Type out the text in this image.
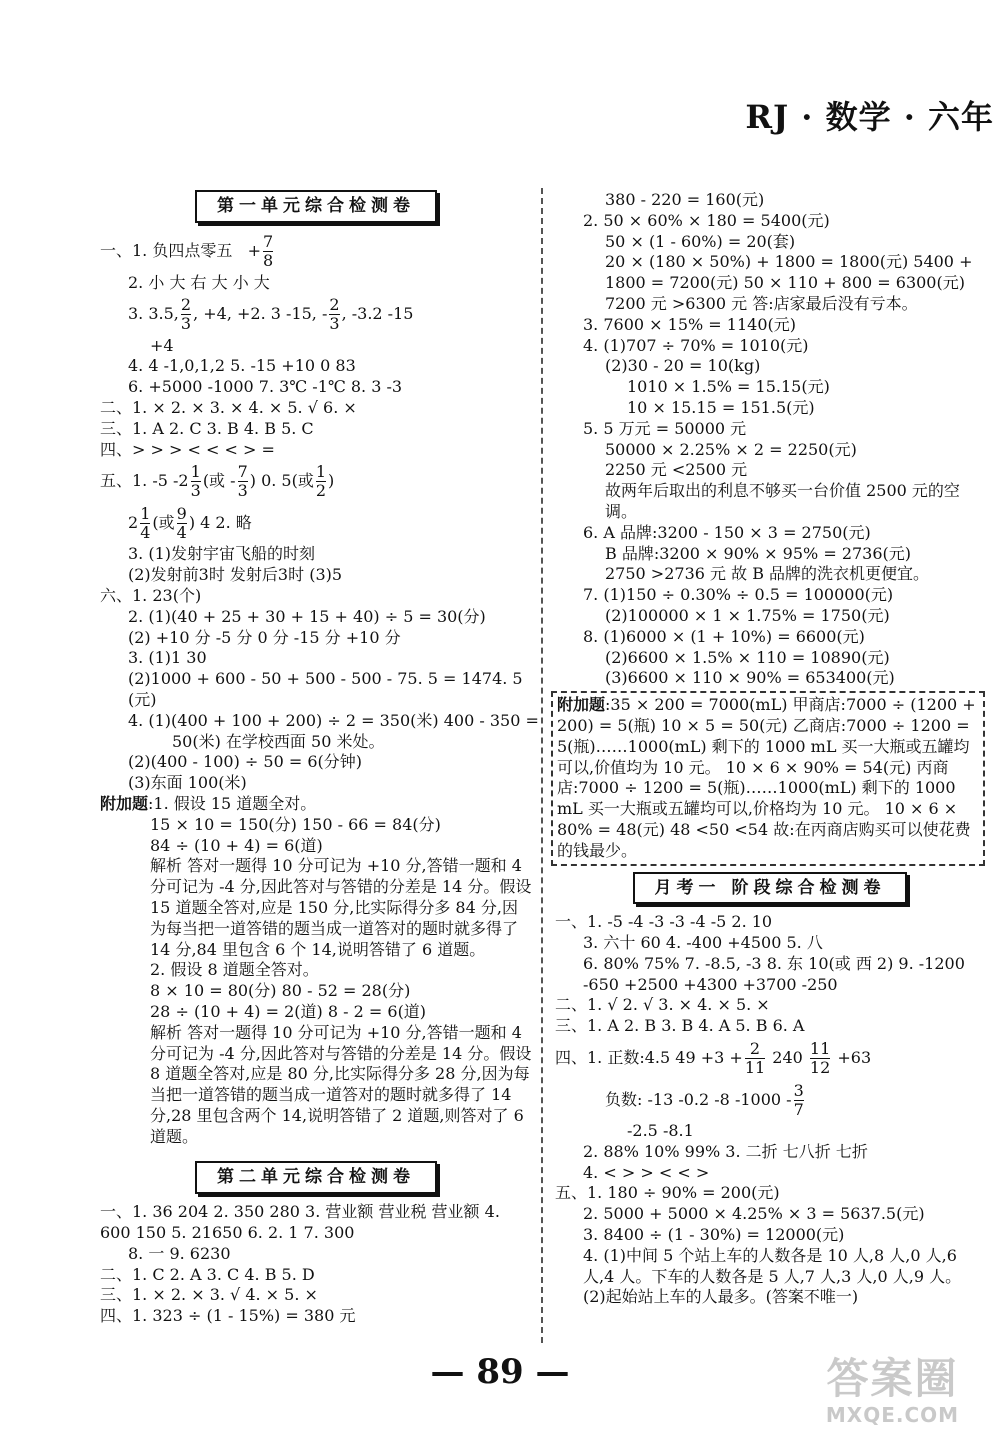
RJ · 数学 · 六年
第一单元综合检测卷
一、1. 负四点零五
+ $\frac{7}{8}$
2. 小 大 右 大 小 大
3. 3.5, $\frac{2}{3}$ , +4, +2. 3 -15, - $\frac{2}{3}$ , -3.2 -15
+4
4. 4 -1,0,1,2 5. -15 +10 0 83
6. +5000 -1000 7. 3℃ -1℃ 8. 3 -3
二、1. × 2. × 3. × 4. × 5. √ 6. ×
三、1. A 2. C 3. B 4. B 5. C
四、> > > < < < > =
五、1. -5 $-2 \frac{1}{3}$ (或 - $\frac{7}{3}$ ) 0. 5(或 $\frac{1}{2}$ )
$2 \frac{1}{4}$ (或 $\frac{9}{4}$ ) 4 2. 略
3. (1)发射宇宙飞船的时刻
(2)发射前3时 发射后3时 (3)5
六、1. 23(个)
2. (1)(40 + 25 + 30 + 15 + 40) ÷ 5 = 30(分)
(2) +10 分 -5 分 0 分 -15 分 +10 分
3. (1)1 30
(2)1000 + 600 - 50 + 500 - 500 - 75. 5 = 1474. 5
(元)
4. (1)(400 + 100 + 200) ÷ 2 = 350(米) 400 - 350 =
50(米) 在学校西面 50 米处。
(2)(400 - 100) ÷ 50 = 6(分钟)
(3)东面 100(米)
附加题:1. 假设 15 道题全对。
15 × 10 = 150(分) 150 - 66 = 84(分)
84 ÷ (10 + 4) = 6(道)
解析 答对一题得 10 分可记为 +10 分,答错一题和 4 分可记为 -4 分,因此答对与答错的分差是 14 分。假设 15 道题全答对,应是 150 分,比实际得分多 84 分,因为每当把一道答错的题当成一道答对的题时就多得了 14 分,84 里包含 6 个 14,说明答错了 6 道题。
2. 假设 8 道题全答对。
8 × 10 = 80(分) 80 - 52 = 28(分)
28 ÷ (10 + 4) = 2(道) 8 - 2 = 6(道)
解析 答对一题得 10 分可记为 +10 分,答错一题和 4 分可记为 -4 分,因此答对与答错的分差是 14 分。假设 8 道题全答对,应是 80 分,比实际得分多 28 分,因为每当把一道答错的题当成一道答对的题时就多得了 14 分,28 里包含两个 14,说明答错了 2 道题,则答对了 6 道题。
第二单元综合检测卷
一、1. 36 204 2. 350 280 3. 营业额 营业税 营业额 4. 600 150 5. 21650 6. 2. 1 7. 300
8. 一 9. 6230
二、1. C 2. A 3. C 4. B 5. D
三、1. × 2. × 3. √ 4. × 5. ×
四、1. 323 ÷ (1 - 15%) = 380 元
380 - 220 = 160(元)
2. 50 × 60% × 180 = 5400(元)
50 × (1 - 60%) = 20(套)
20 × (180 × 50%) + 1800 = 1800(元) 5400 + 1800 = 7200(元) 50 × 110 + 800 = 6300(元) 7200 元 >6300 元 答:店家最后没有亏本。
3. 7600 × 15% = 1140(元)
4. (1)707 ÷ 70% = 1010(元)
(2)30 - 20 = 10(kg)
1010 × 1.5% = 15.15(元)
10 × 15.15 = 151.5(元)
5. 5 万元 = 50000 元
50000 × 2.25% × 2 = 2250(元)
2250 元 <2500 元
故两年后取出的利息不够买一台价值 2500 元的空调。
6. A 品牌:3200 - 150 × 3 = 2750(元)
B 品牌:3200 × 90% × 95% = 2736(元)
2750 >2736 元 故 B 品牌的洗衣机更便宜。
7. (1)150 ÷ 0.30% ÷ 0.5 = 100000(元)
(2)100000 × 1 × 1.75% = 1750(元)
8. (1)6000 × (1 + 10%) = 6600(元)
(2)6600 × 1.5% × 110 = 10890(元)
(3)6600 × 110 × 90% = 653400(元)
附加题:35 × 200 = 7000(mL) 甲商店:7000 ÷ (1200 + 200) = 5(瓶) 10 × 5 = 50(元) 乙商店:7000 ÷ 1200 = 5(瓶)……1000(mL) 剩下的 1000 mL 买一大瓶或五罐均可以,价值均为 10 元。 10 × 6 × 90% = 54(元) 丙商店:7000 ÷ 1200 = 5(瓶)……1000(mL) 剩下的 1000 mL 买一大瓶或五罐均可以,价格均为 10 元。 10 × 6 × 80% = 48(元) 48 <50 <54 故:在丙商店购买可以使花费的钱最少。
月考一 阶段综合检测卷
一、1. -5 -4 -3 -3 -4 -5 2. 10
3. 六十 60 4. -400 +4500 5. 八
6. 80% 75% 7. -8.5, -3 8. 东 10(或 西 2) 9. -1200 -650 +2500 +4300 +3700 -250
二、1. √ 2. √ 3. × 4. × 5. ×
三、1. A 2. B 3. B 4. A 5. B 6. A
四、1. 正数:4.5 $49 +3 + \frac{2}{11}$
240
$\frac{11}{12}$
+63
负数: -13 -0.2 -8 $-1000 - \frac{3}{7}$
-2.5 -8.1
2. 88% 10% 99% 3. 二折 七八折 七折
4. < > > < < >
五、1. 180 ÷ 90% = 200(元)
2. 5000 + 5000 × 4.25% × 3 = 5637.5(元)
3. 8400 ÷ (1 - 30%) = 12000(元)
4. (1)中间 5 个站上车的人数各是 10 人,8 人,0 人,6 人,4 人。下车的人数各是 5 人,7 人,3 人,0 人,9 人。
(2)起始站上车的人最多。(答案不唯一)
— 89 —	答案圈
MXQE.COM
